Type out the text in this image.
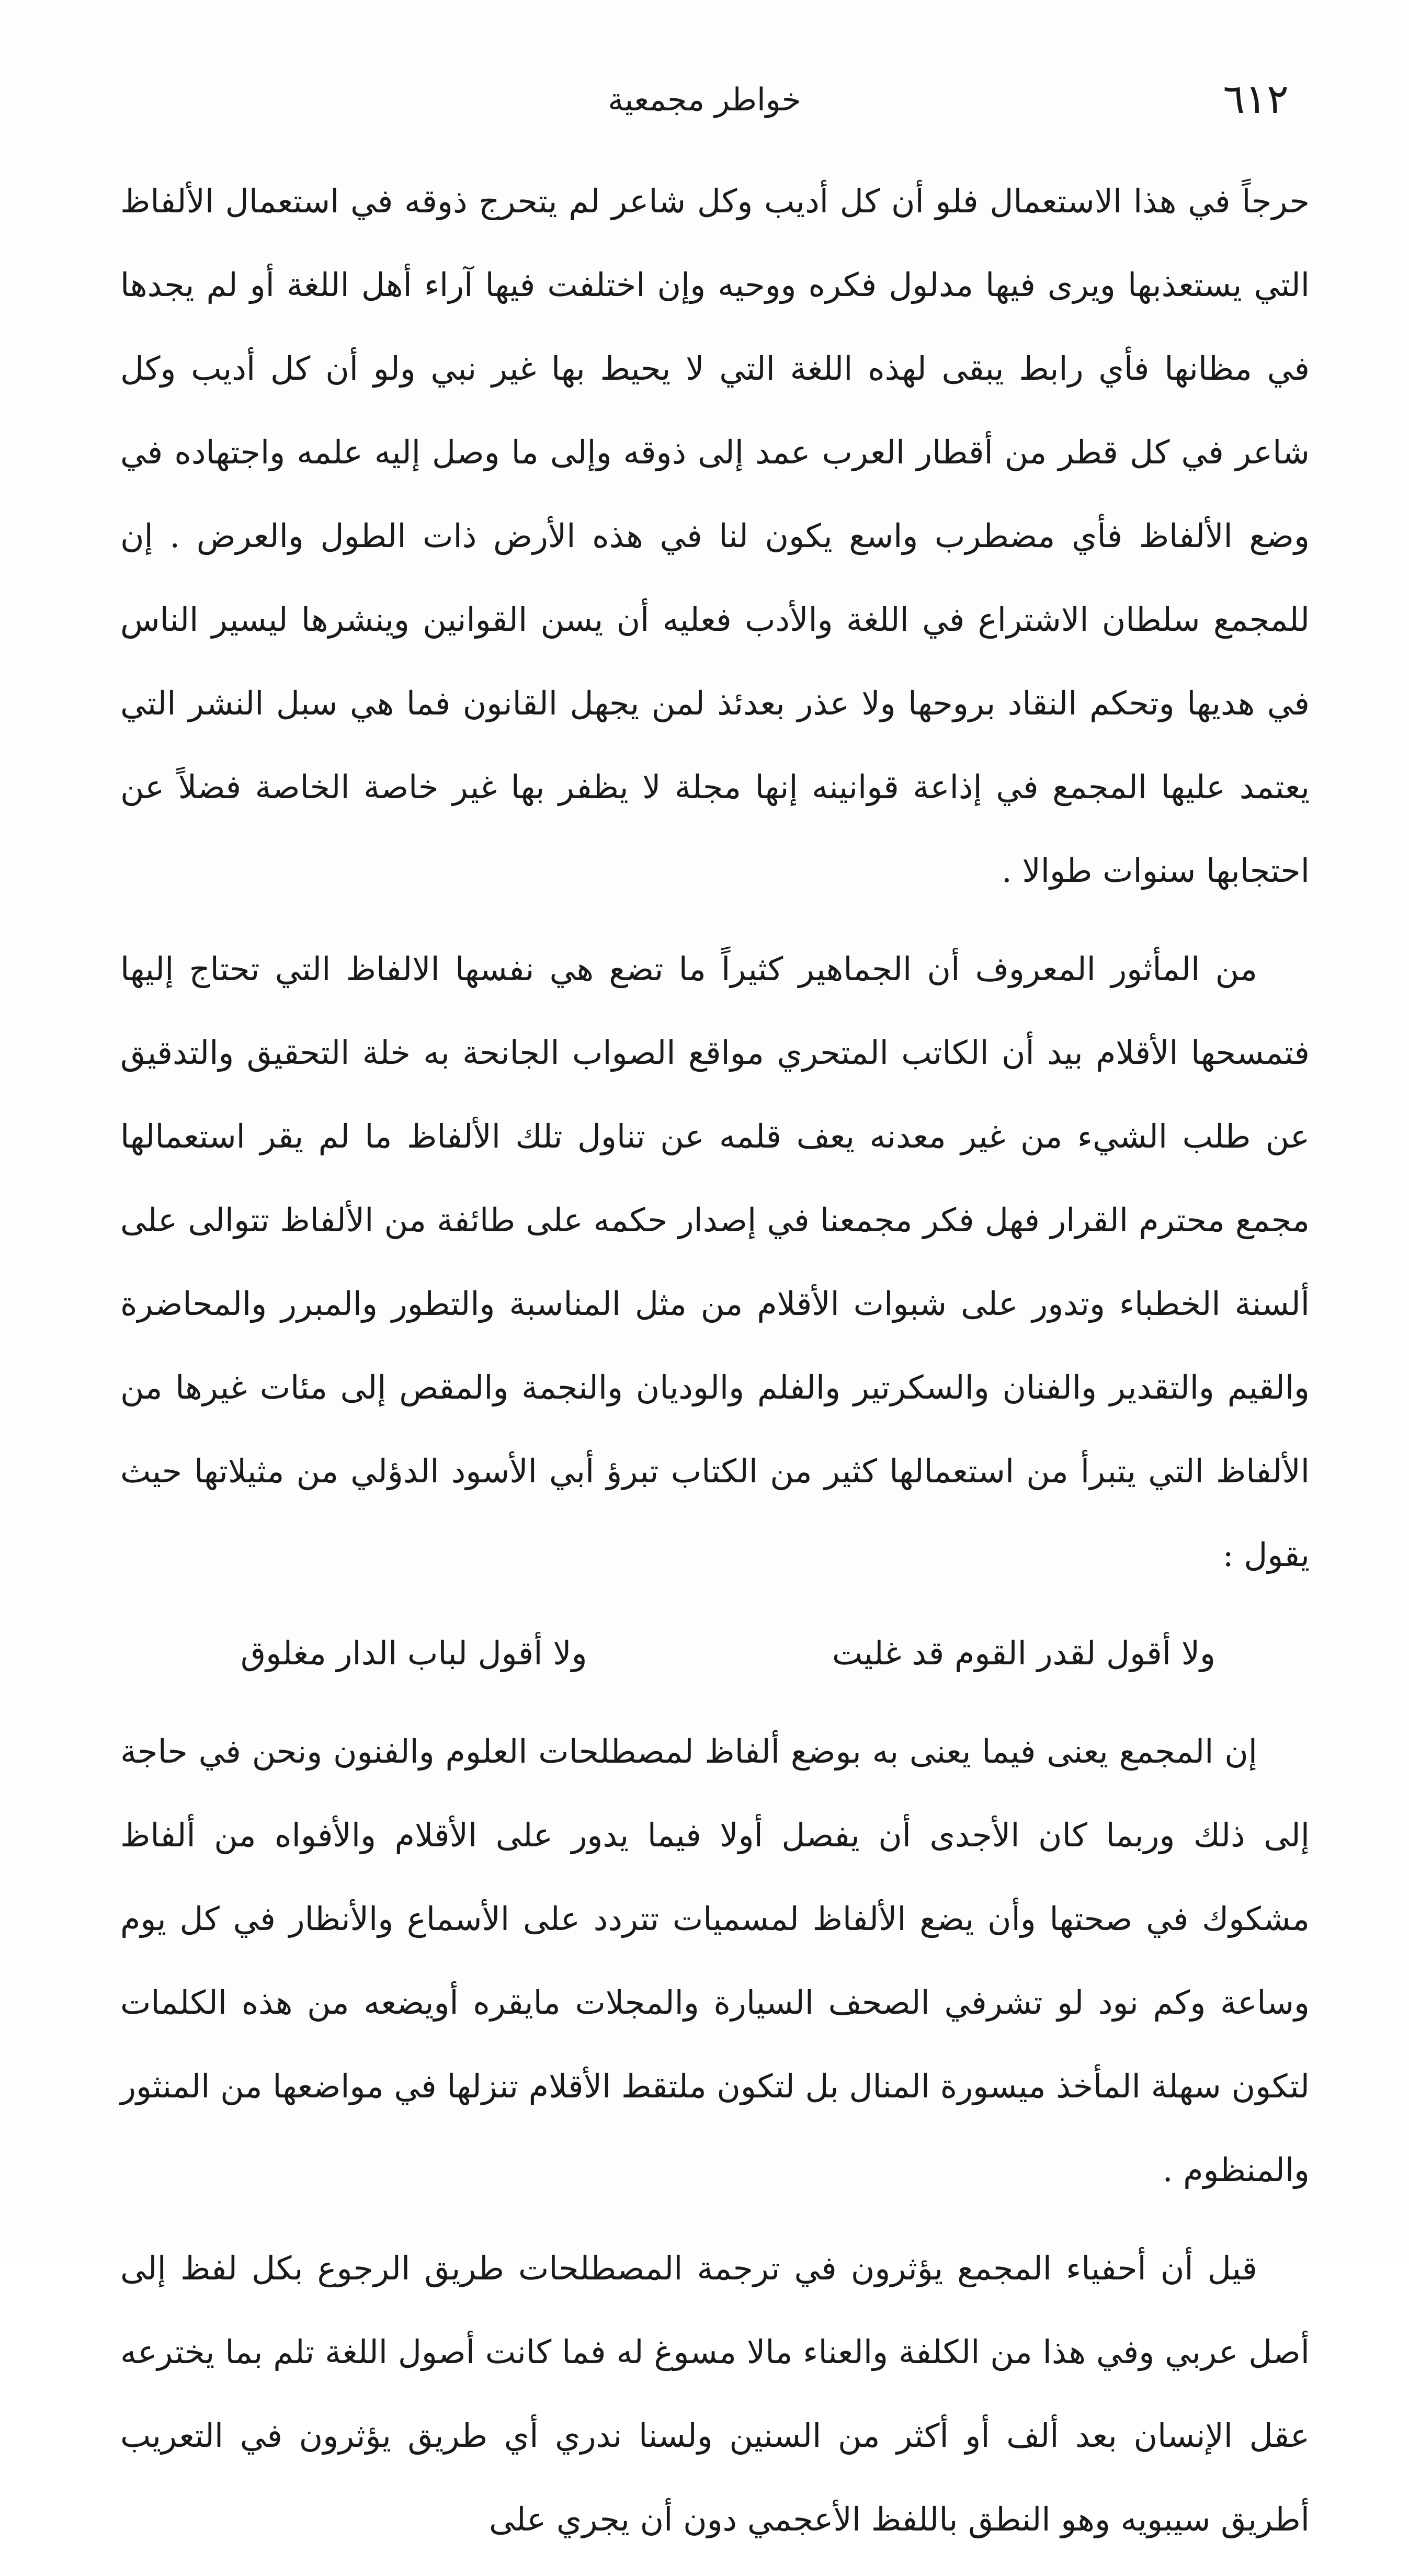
٦١٢
خواطر مجمعية

حرجاً في هذا الاستعمال فلو أن كل أديب وكل شاعر لم يتحرج ذوقه في استعمال الألفاظ التي يستعذبها ويرى فيها مدلول فكره ووحيه وإن اختلفت فيها آراء أهل اللغة أو لم يجدها في مظانها فأي رابط يبقى لهذه اللغة التي لا يحيط بها غير نبي ولو أن كل أديب وكل شاعر في كل قطر من أقطار العرب عمد إلى ذوقه وإلى ما وصل إليه علمه واجتهاده في وضع الألفاظ فأي مضطرب واسع يكون لنا في هذه الأرض ذات الطول والعرض . إن للمجمع سلطان الاشتراع في اللغة والأدب فعليه أن يسن القوانين وينشرها ليسير الناس في هديها وتحكم النقاد بروحها ولا عذر بعدئذ لمن يجهل القانون فما هي سبل النشر التي يعتمد عليها المجمع في إذاعة قوانينه إنها مجلة لا يظفر بها غير خاصة الخاصة فضلاً عن احتجابها سنوات طوالا .

من المأثور المعروف أن الجماهير كثيراً ما تضع هي نفسها الالفاظ التي تحتاج إليها فتمسحها الأقلام بيد أن الكاتب المتحري مواقع الصواب الجانحة به خلة التحقيق والتدقيق عن طلب الشيء من غير معدنه يعف قلمه عن تناول تلك الألفاظ ما لم يقر استعمالها مجمع محترم القرار فهل فكر مجمعنا في إصدار حكمه على طائفة من الألفاظ تتوالى على ألسنة الخطباء وتدور على شبوات الأقلام من مثل المناسبة والتطور والمبرر والمحاضرة والقيم والتقدير والفنان والسكرتير والفلم والوديان والنجمة والمقص إلى مئات غيرها من الألفاظ التي يتبرأ من استعمالها كثير من الكتاب تبرؤ أبي الأسود الدؤلي من مثيلاتها حيث يقول :

ولا أقول لقدر القوم قد غليت
ولا أقول لباب الدار مغلوق

إن المجمع يعنى فيما يعنى به بوضع ألفاظ لمصطلحات العلوم والفنون ونحن في حاجة إلى ذلك وربما كان الأجدى أن يفصل أولا فيما يدور على الأقلام والأفواه من ألفاظ مشكوك في صحتها وأن يضع الألفاظ لمسميات تتردد على الأسماع والأنظار في كل يوم وساعة وكم نود لو تشرفي الصحف السيارة والمجلات مايقره أويضعه من هذه الكلمات لتكون سهلة المأخذ ميسورة المنال بل لتكون ملتقط الأقلام تنزلها في مواضعها من المنثور والمنظوم .

قيل أن أحفياء المجمع يؤثرون في ترجمة المصطلحات طريق الرجوع بكل لفظ إلى أصل عربي وفي هذا من الكلفة والعناء مالا مسوغ له فما كانت أصول اللغة تلم بما يخترعه عقل الإنسان بعد ألف أو أكثر من السنين ولسنا ندري أي طريق يؤثرون في التعريب أطريق سيبويه وهو النطق باللفظ الأعجمي دون أن يجري على
